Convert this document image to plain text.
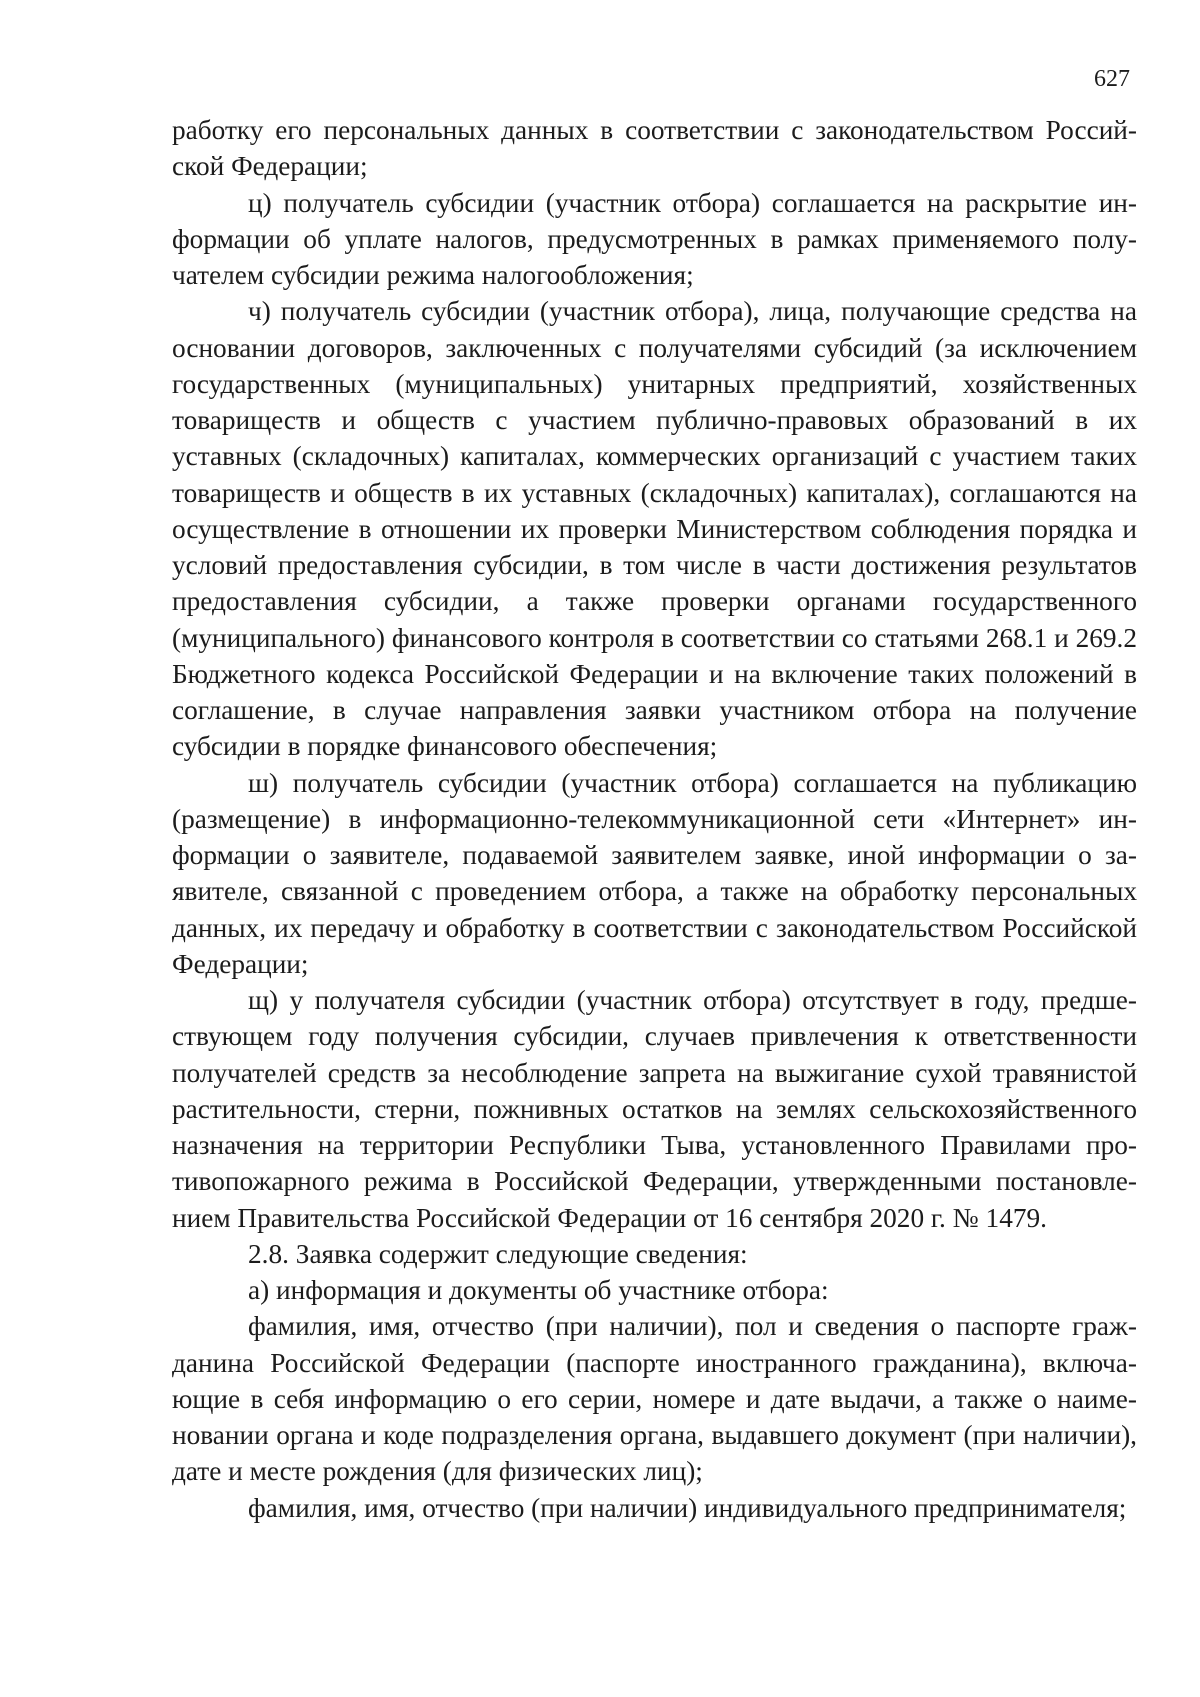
627

работку его персональных данных в соответствии с законодательством Российской Федерации;

ц) получатель субсидии (участник отбора) соглашается на раскрытие информации об уплате налогов, предусмотренных в рамках применяемого получателем субсидии режима налогообложения;

ч) получатель субсидии (участник отбора), лица, получающие средства на основании договоров, заключенных с получателями субсидий (за исключением государственных (муниципальных) унитарных предприятий, хозяйственных товариществ и обществ с участием публично-правовых образований в их уставных (складочных) капиталах, коммерческих организаций с участием таких товариществ и обществ в их уставных (складочных) капиталах), соглашаются на осуществление в отношении их проверки Министерством соблюдения порядка и условий предоставления субсидии, в том числе в части достижения результатов предоставления субсидии, а также проверки органами государственного (муниципального) финансового контроля в соответствии со статьями 268.1 и 269.2 Бюджетного кодекса Российской Федерации и на включение таких положений в соглашение, в случае направления заявки участником отбора на получение субсидии в порядке финансового обеспечения;

ш) получатель субсидии (участник отбора) соглашается на публикацию (размещение) в информационно-телекоммуникационной сети «Интернет» информации о заявителе, подаваемой заявителем заявке, иной информации о заявителе, связанной с проведением отбора, а также на обработку персональных данных, их передачу и обработку в соответствии с законодательством Российской Федерации;

щ) у получателя субсидии (участник отбора) отсутствует в году, предшествующем году получения субсидии, случаев привлечения к ответственности получателей средств за несоблюдение запрета на выжигание сухой травянистой растительности, стерни, пожнивных остатков на землях сельскохозяйственного назначения на территории Республики Тыва, установленного Правилами противопожарного режима в Российской Федерации, утвержденными постановлением Правительства Российской Федерации от 16 сентября 2020 г. № 1479.

2.8. Заявка содержит следующие сведения:

а) информация и документы об участнике отбора:

фамилия, имя, отчество (при наличии), пол и сведения о паспорте гражданина Российской Федерации (паспорте иностранного гражданина), включающие в себя информацию о его серии, номере и дате выдачи, а также о наименовании органа и коде подразделения органа, выдавшего документ (при наличии), дате и месте рождения (для физических лиц);

фамилия, имя, отчество (при наличии) индивидуального предпринимателя;
